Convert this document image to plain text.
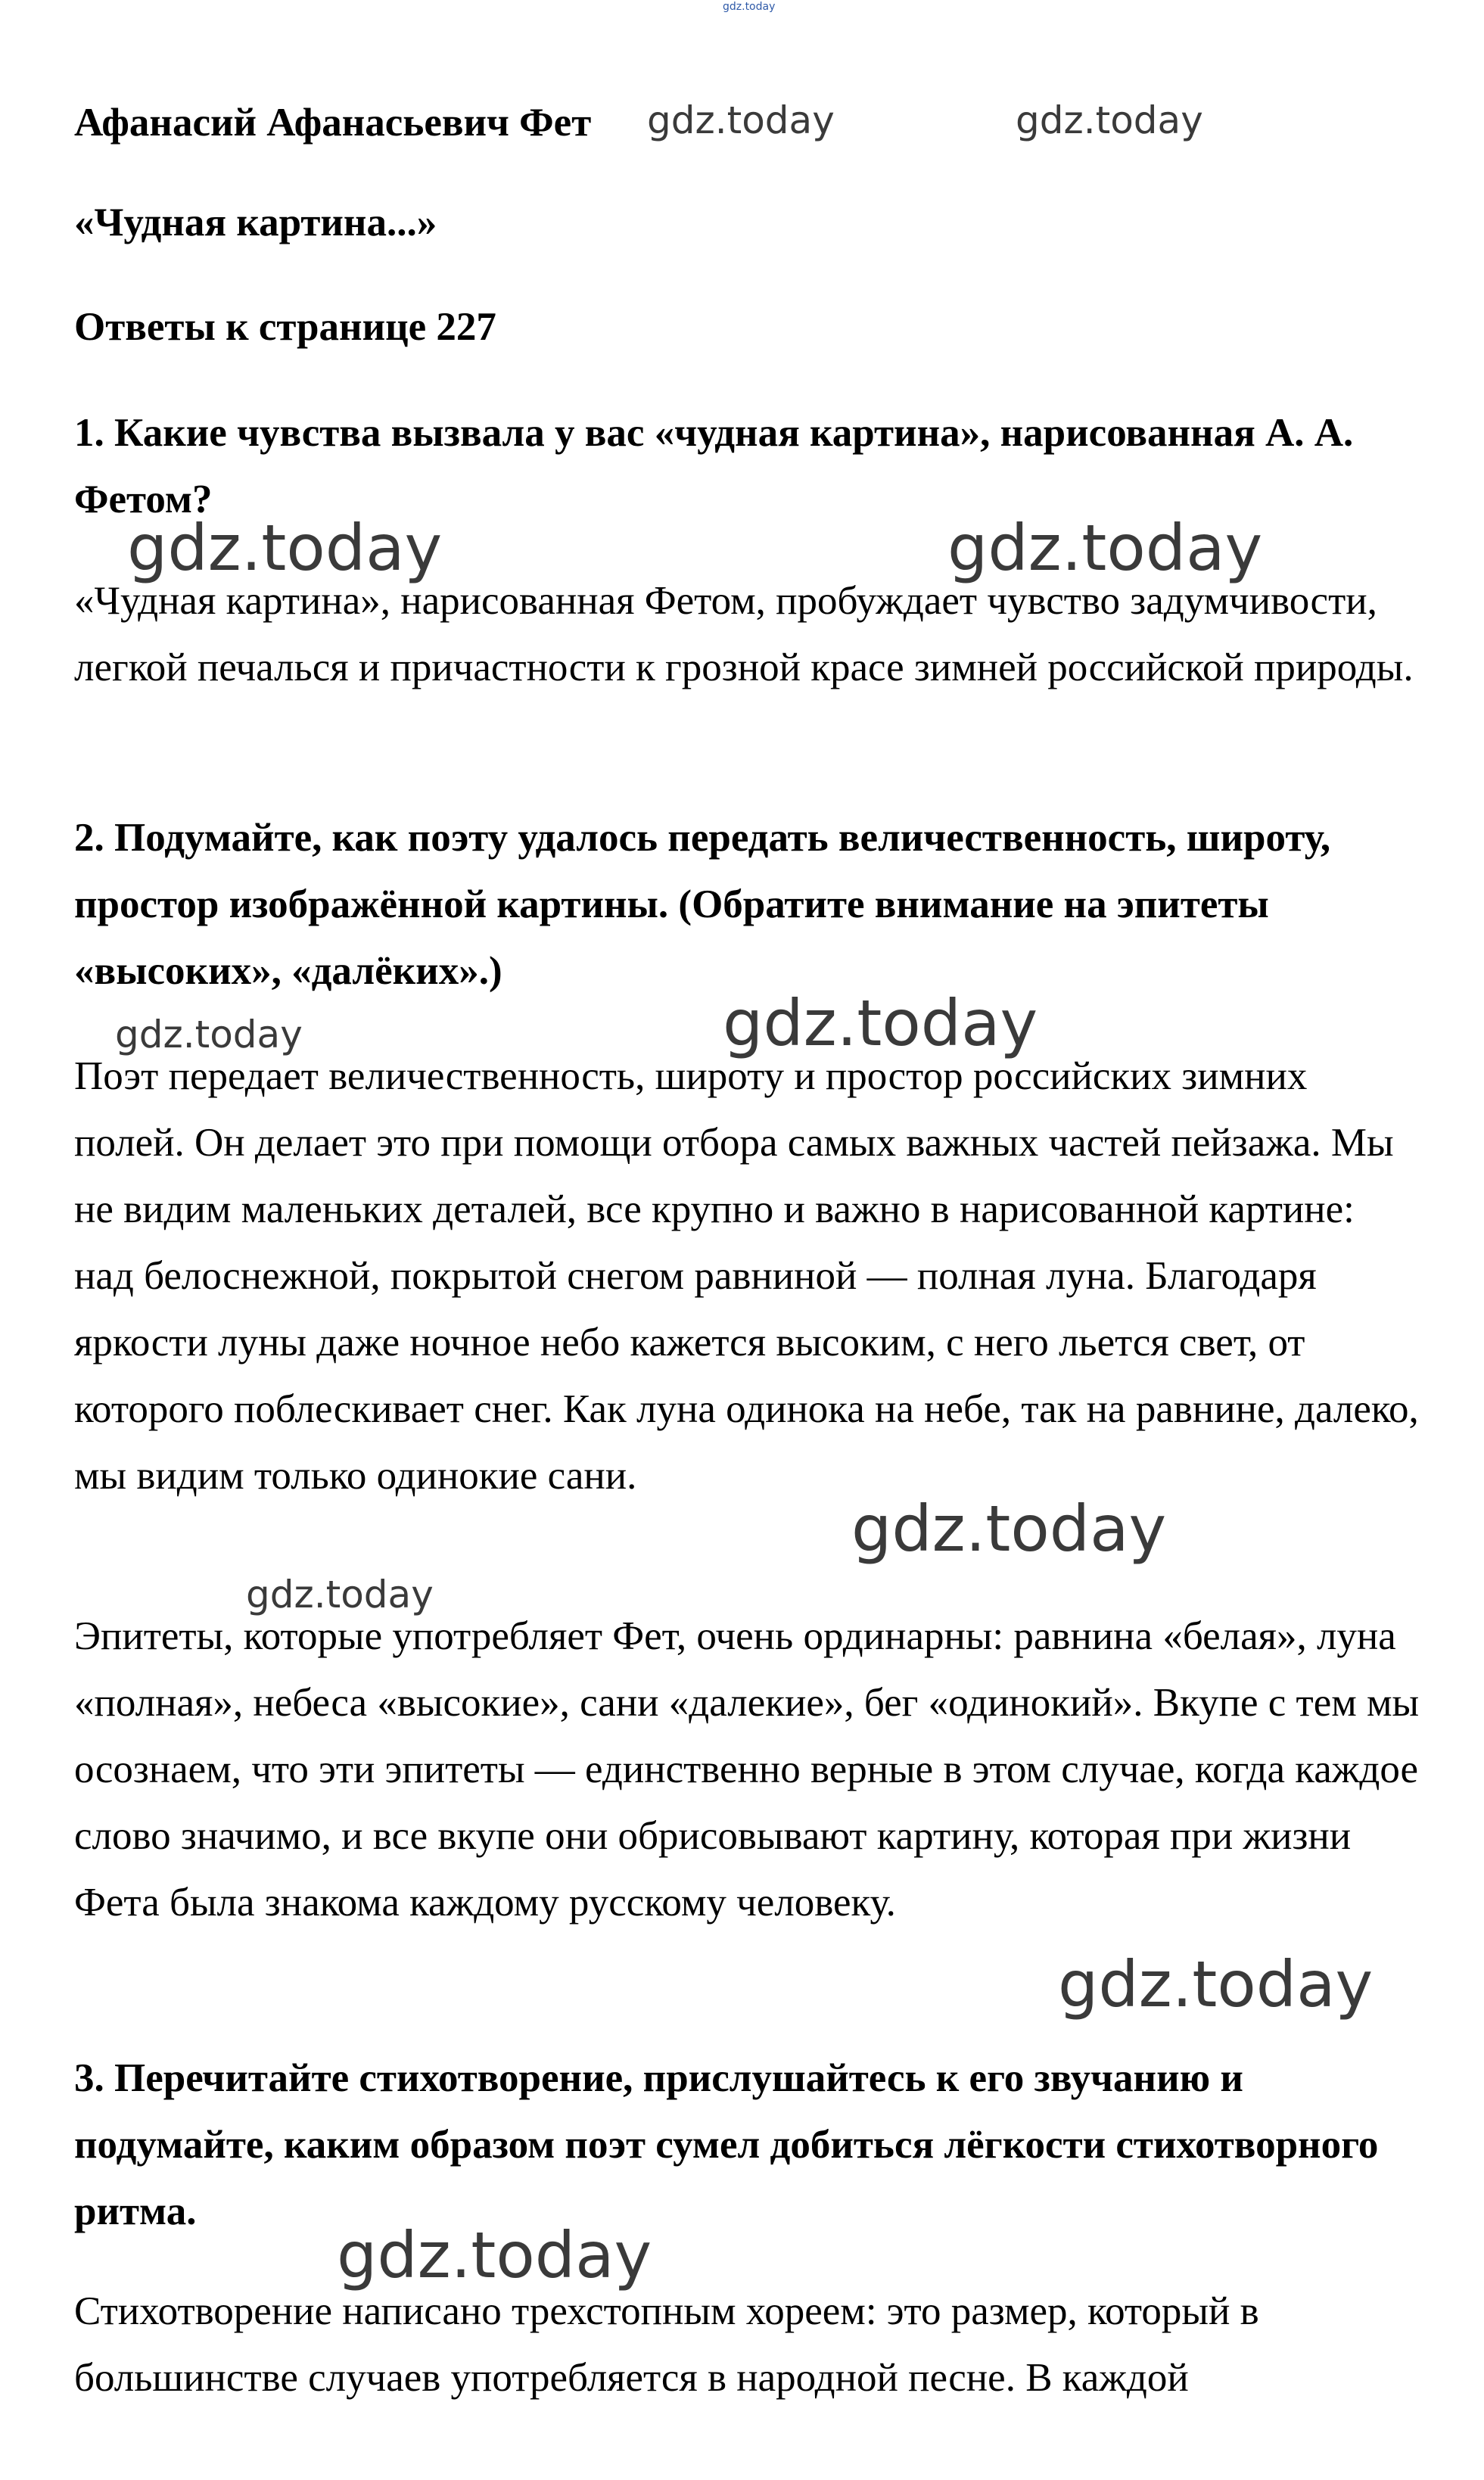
gdz.today

Афанасий Афанасьевич Фет	gdz.today	gdz.today

«Чудная картина...»

Ответы к странице 227

1. Какие чувства вызвала у вас «чудная картина», нарисованная А. А. Фетом?

gdz.today	gdz.today

«Чудная картина», нарисованная Фетом, пробуждает чувство задумчивости, легкой печалься и причастности к грозной красе зимней российской природы.

2. Подумайте, как поэту удалось передать величественность, широту, простор изображённой картины. (Обратите внимание на эпитеты «высоких», «далёких».)

gdz.today	gdz.today

Поэт передает величественность, широту и простор российских зимних полей. Он делает это при помощи отбора самых важных частей пейзажа. Мы не видим маленьких деталей, все крупно и важно в нарисованной картине: над белоснежной, покрытой снегом равниной — полная луна. Благодаря яркости луны даже ночное небо кажется высоким, с него льется свет, от которого поблескивает снег. Как луна одинока на небе, так на равнине, далеко, мы видим только одинокие сани.

gdz.today
gdz.today

Эпитеты, которые употребляет Фет, очень ординарны: равнина «белая», луна «полная», небеса «высокие», сани «далекие», бег «одинокий». Вкупе с тем мы осознаем, что эти эпитеты — единственно верные в этом случае, когда каждое слово значимо, и все вкупе они обрисовывают картину, которая при жизни Фета была знакома каждому русскому человеку.

gdz.today

3. Перечитайте стихотворение, прислушайтесь к его звучанию и подумайте, каким образом поэт сумел добиться лёгкости стихотворного ритма.

gdz.today

Стихотворение написано трехстопным хореем: это размер, который в большинстве случаев употребляется в народной песне. В каждой
